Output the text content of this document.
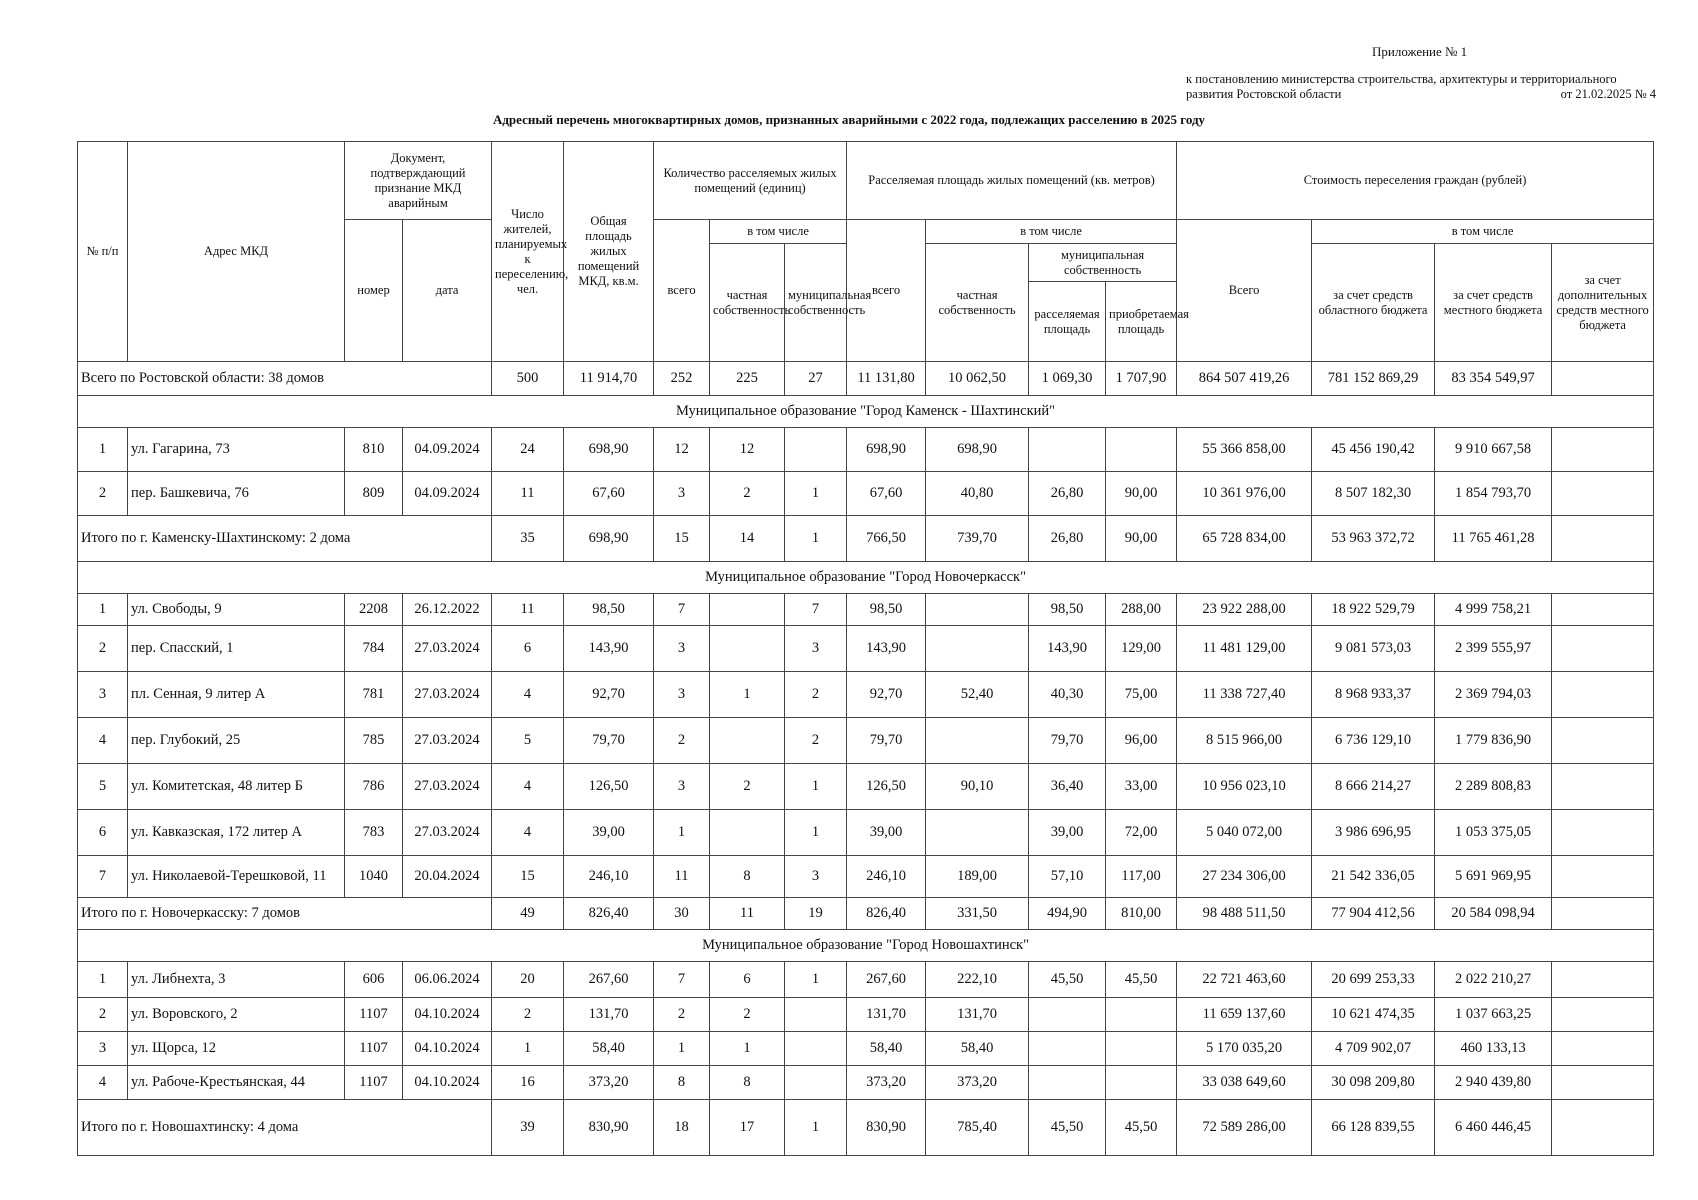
Приложение № 1
к постановлению министерства строительства, архитектуры и территориального
развития Ростовской области	от 21.02.2025 № 4
Адресный перечень многоквартирных домов, признанных аварийными с 2022 года, подлежащих расселению в 2025 году
№ п/п	Адрес МКД	Документ, подтверждающий признание МКД аварийным		Число жителей, планируемых к переселению, чел.	Общая площадь жилых помещений МКД, кв.м.	Количество расселяемых жилых помещений (единиц)			Расселяемая площадь жилых помещений (кв. метров)				Стоимость переселения граждан (рублей)			
		номер	дата			всего	в том числе		всего	в том числе			Всего	в том числе		
							частная собственность	муниципальная собственность		частная собственность	муниципальная собственность			за счет средств областного бюджета	за счет средств местного бюджета	за счет дополнительных средств местного бюджета
											расселяемая площадь	приобретаемая площадь				
Всего по Ростовской области: 38 домов				500	11 914,70	252	225	27	11 131,80	10 062,50	1 069,30	1 707,90	864 507 419,26	781 152 869,29	83 354 549,97	
Муниципальное образование "Город Каменск - Шахтинский"																
1	ул. Гагарина, 73	810	04.09.2024	24	698,90	12	12		698,90	698,90			55 366 858,00	45 456 190,42	9 910 667,58	
2	пер. Башкевича, 76	809	04.09.2024	11	67,60	3	2	1	67,60	40,80	26,80	90,00	10 361 976,00	8 507 182,30	1 854 793,70	
Итого по г. Каменску-Шахтинскому: 2 дома				35	698,90	15	14	1	766,50	739,70	26,80	90,00	65 728 834,00	53 963 372,72	11 765 461,28	
Муниципальное образование "Город Новочеркасск"																
1	ул. Свободы, 9	2208	26.12.2022	11	98,50	7		7	98,50		98,50	288,00	23 922 288,00	18 922 529,79	4 999 758,21	
2	пер. Спасский, 1	784	27.03.2024	6	143,90	3		3	143,90		143,90	129,00	11 481 129,00	9 081 573,03	2 399 555,97	
3	пл. Сенная, 9 литер А	781	27.03.2024	4	92,70	3	1	2	92,70	52,40	40,30	75,00	11 338 727,40	8 968 933,37	2 369 794,03	
4	пер. Глубокий, 25	785	27.03.2024	5	79,70	2		2	79,70		79,70	96,00	8 515 966,00	6 736 129,10	1 779 836,90	
5	ул. Комитетская, 48 литер Б	786	27.03.2024	4	126,50	3	2	1	126,50	90,10	36,40	33,00	10 956 023,10	8 666 214,27	2 289 808,83	
6	ул. Кавказская, 172 литер А	783	27.03.2024	4	39,00	1		1	39,00		39,00	72,00	5 040 072,00	3 986 696,95	1 053 375,05	
7	ул. Николаевой-Терешковой, 11	1040	20.04.2024	15	246,10	11	8	3	246,10	189,00	57,10	117,00	27 234 306,00	21 542 336,05	5 691 969,95	
Итого по г. Новочеркасску: 7 домов				49	826,40	30	11	19	826,40	331,50	494,90	810,00	98 488 511,50	77 904 412,56	20 584 098,94	
Муниципальное образование "Город Новошахтинск"																
1	ул. Либнехта, 3	606	06.06.2024	20	267,60	7	6	1	267,60	222,10	45,50	45,50	22 721 463,60	20 699 253,33	2 022 210,27	
2	ул. Воровского, 2	1107	04.10.2024	2	131,70	2	2		131,70	131,70			11 659 137,60	10 621 474,35	1 037 663,25	
3	ул. Щорса, 12	1107	04.10.2024	1	58,40	1	1		58,40	58,40			5 170 035,20	4 709 902,07	460 133,13	
4	ул. Рабоче-Крестьянская, 44	1107	04.10.2024	16	373,20	8	8		373,20	373,20			33 038 649,60	30 098 209,80	2 940 439,80	
Итого по г. Новошахтинску: 4 дома				39	830,90	18	17	1	830,90	785,40	45,50	45,50	72 589 286,00	66 128 839,55	6 460 446,45	
